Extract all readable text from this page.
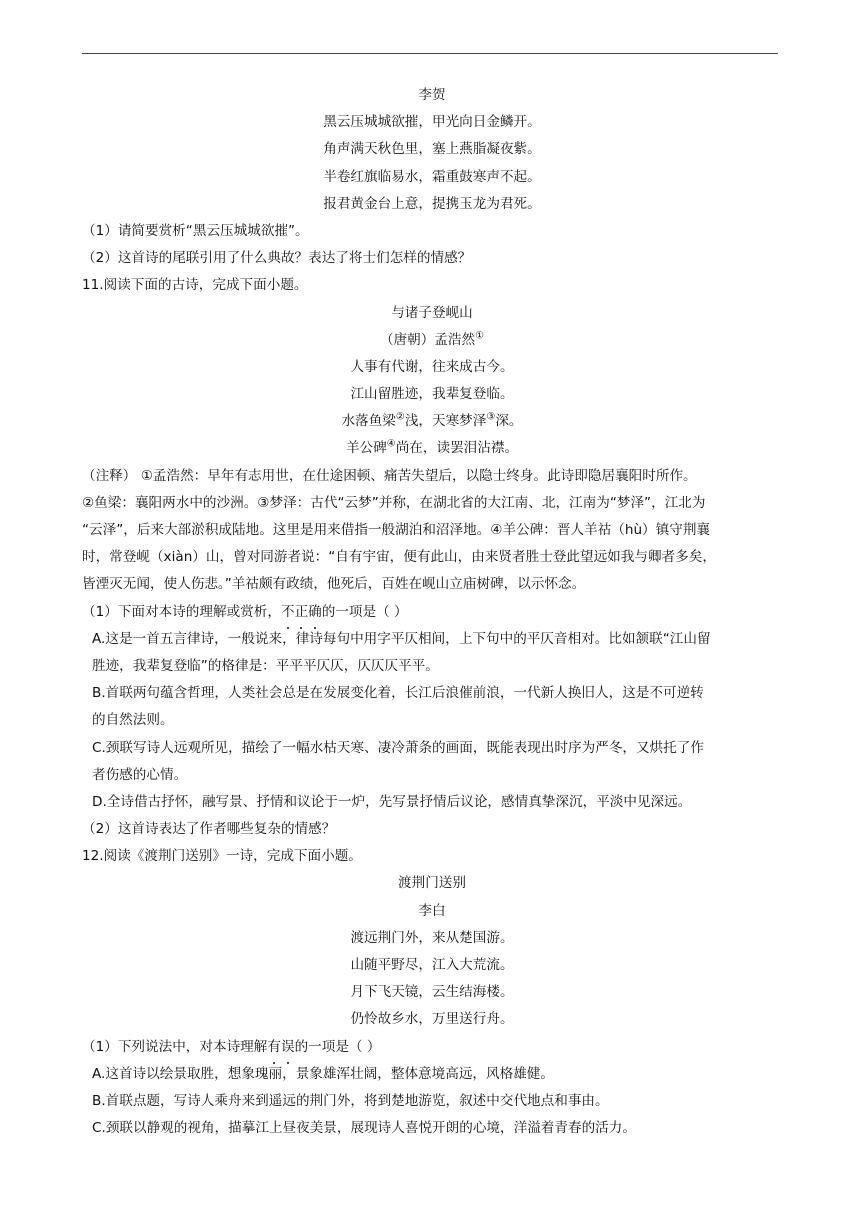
李贺
黑云压城城欲摧，甲光向日金鳞开。
角声满天秋色里，塞上燕脂凝夜紫。
半卷红旗临易水，霜重鼓寒声不起。
报君黄金台上意，提携玉龙为君死。
（1）请简要赏析“黑云压城城欲摧”。
（2）这首诗的尾联引用了什么典故？表达了将士们怎样的情感？
11.阅读下面的古诗，完成下面小题。
与诸子登岘山
（唐朝）孟浩然①
人事有代谢，往来成古今。
江山留胜迹，我辈复登临。
水落鱼梁②浅，天寒梦泽③深。
羊公碑④尚在，读罢泪沾襟。
（注释） ①孟浩然：早年有志用世，在仕途困顿、痛苦失望后，以隐士终身。此诗即隐居襄阳时所作。
②鱼梁：襄阳两水中的沙洲。③梦泽：古代“云梦”并称，在湖北省的大江南、北，江南为“梦泽”，江北为
“云泽”，后来大部淤积成陆地。这里是用来借指一般湖泊和沼泽地。④羊公碑：晋人羊祜（hù）镇守荆襄
时，常登岘（xiàn）山，曾对同游者说：“自有宇宙，便有此山，由来贤者胜士登此望远如我与卿者多矣，
皆湮灭无闻，使人伤悲。”羊祜颇有政绩，他死后，百姓在岘山立庙树碑，以示怀念。
（1）下面对本诗的理解或赏析，不正确的一项是（ ）
A.这是一首五言律诗，一般说来，律诗每句中用字平仄相间，上下句中的平仄音相对。比如颔联“江山留
胜迹，我辈复登临”的格律是：平平平仄仄，仄仄仄平平。
B.首联两句蕴含哲理，人类社会总是在发展变化着，长江后浪催前浪，一代新人换旧人，这是不可逆转
的自然法则。
C.颈联写诗人远观所见，描绘了一幅水枯天寒、凄冷萧条的画面，既能表现出时序为严冬，又烘托了作
者伤感的心情。
D.全诗借古抒怀，融写景、抒情和议论于一炉，先写景抒情后议论，感情真挚深沉，平淡中见深远。
（2）这首诗表达了作者哪些复杂的情感？
12.阅读《渡荆门送别》一诗，完成下面小题。
渡荆门送别
李白
渡远荆门外，来从楚国游。
山随平野尽，江入大荒流。
月下飞天镜，云生结海楼。
仍怜故乡水，万里送行舟。
（1）下列说法中，对本诗理解有误的一项是（ ）
A.这首诗以绘景取胜，想象瑰丽，景象雄浑壮阔，整体意境高远，风格雄健。
B.首联点题，写诗人乘舟来到遥远的荆门外，将到楚地游览，叙述中交代地点和事由。
C.颈联以静观的视角，描摹江上昼夜美景，展现诗人喜悦开朗的心境，洋溢着青春的活力。
